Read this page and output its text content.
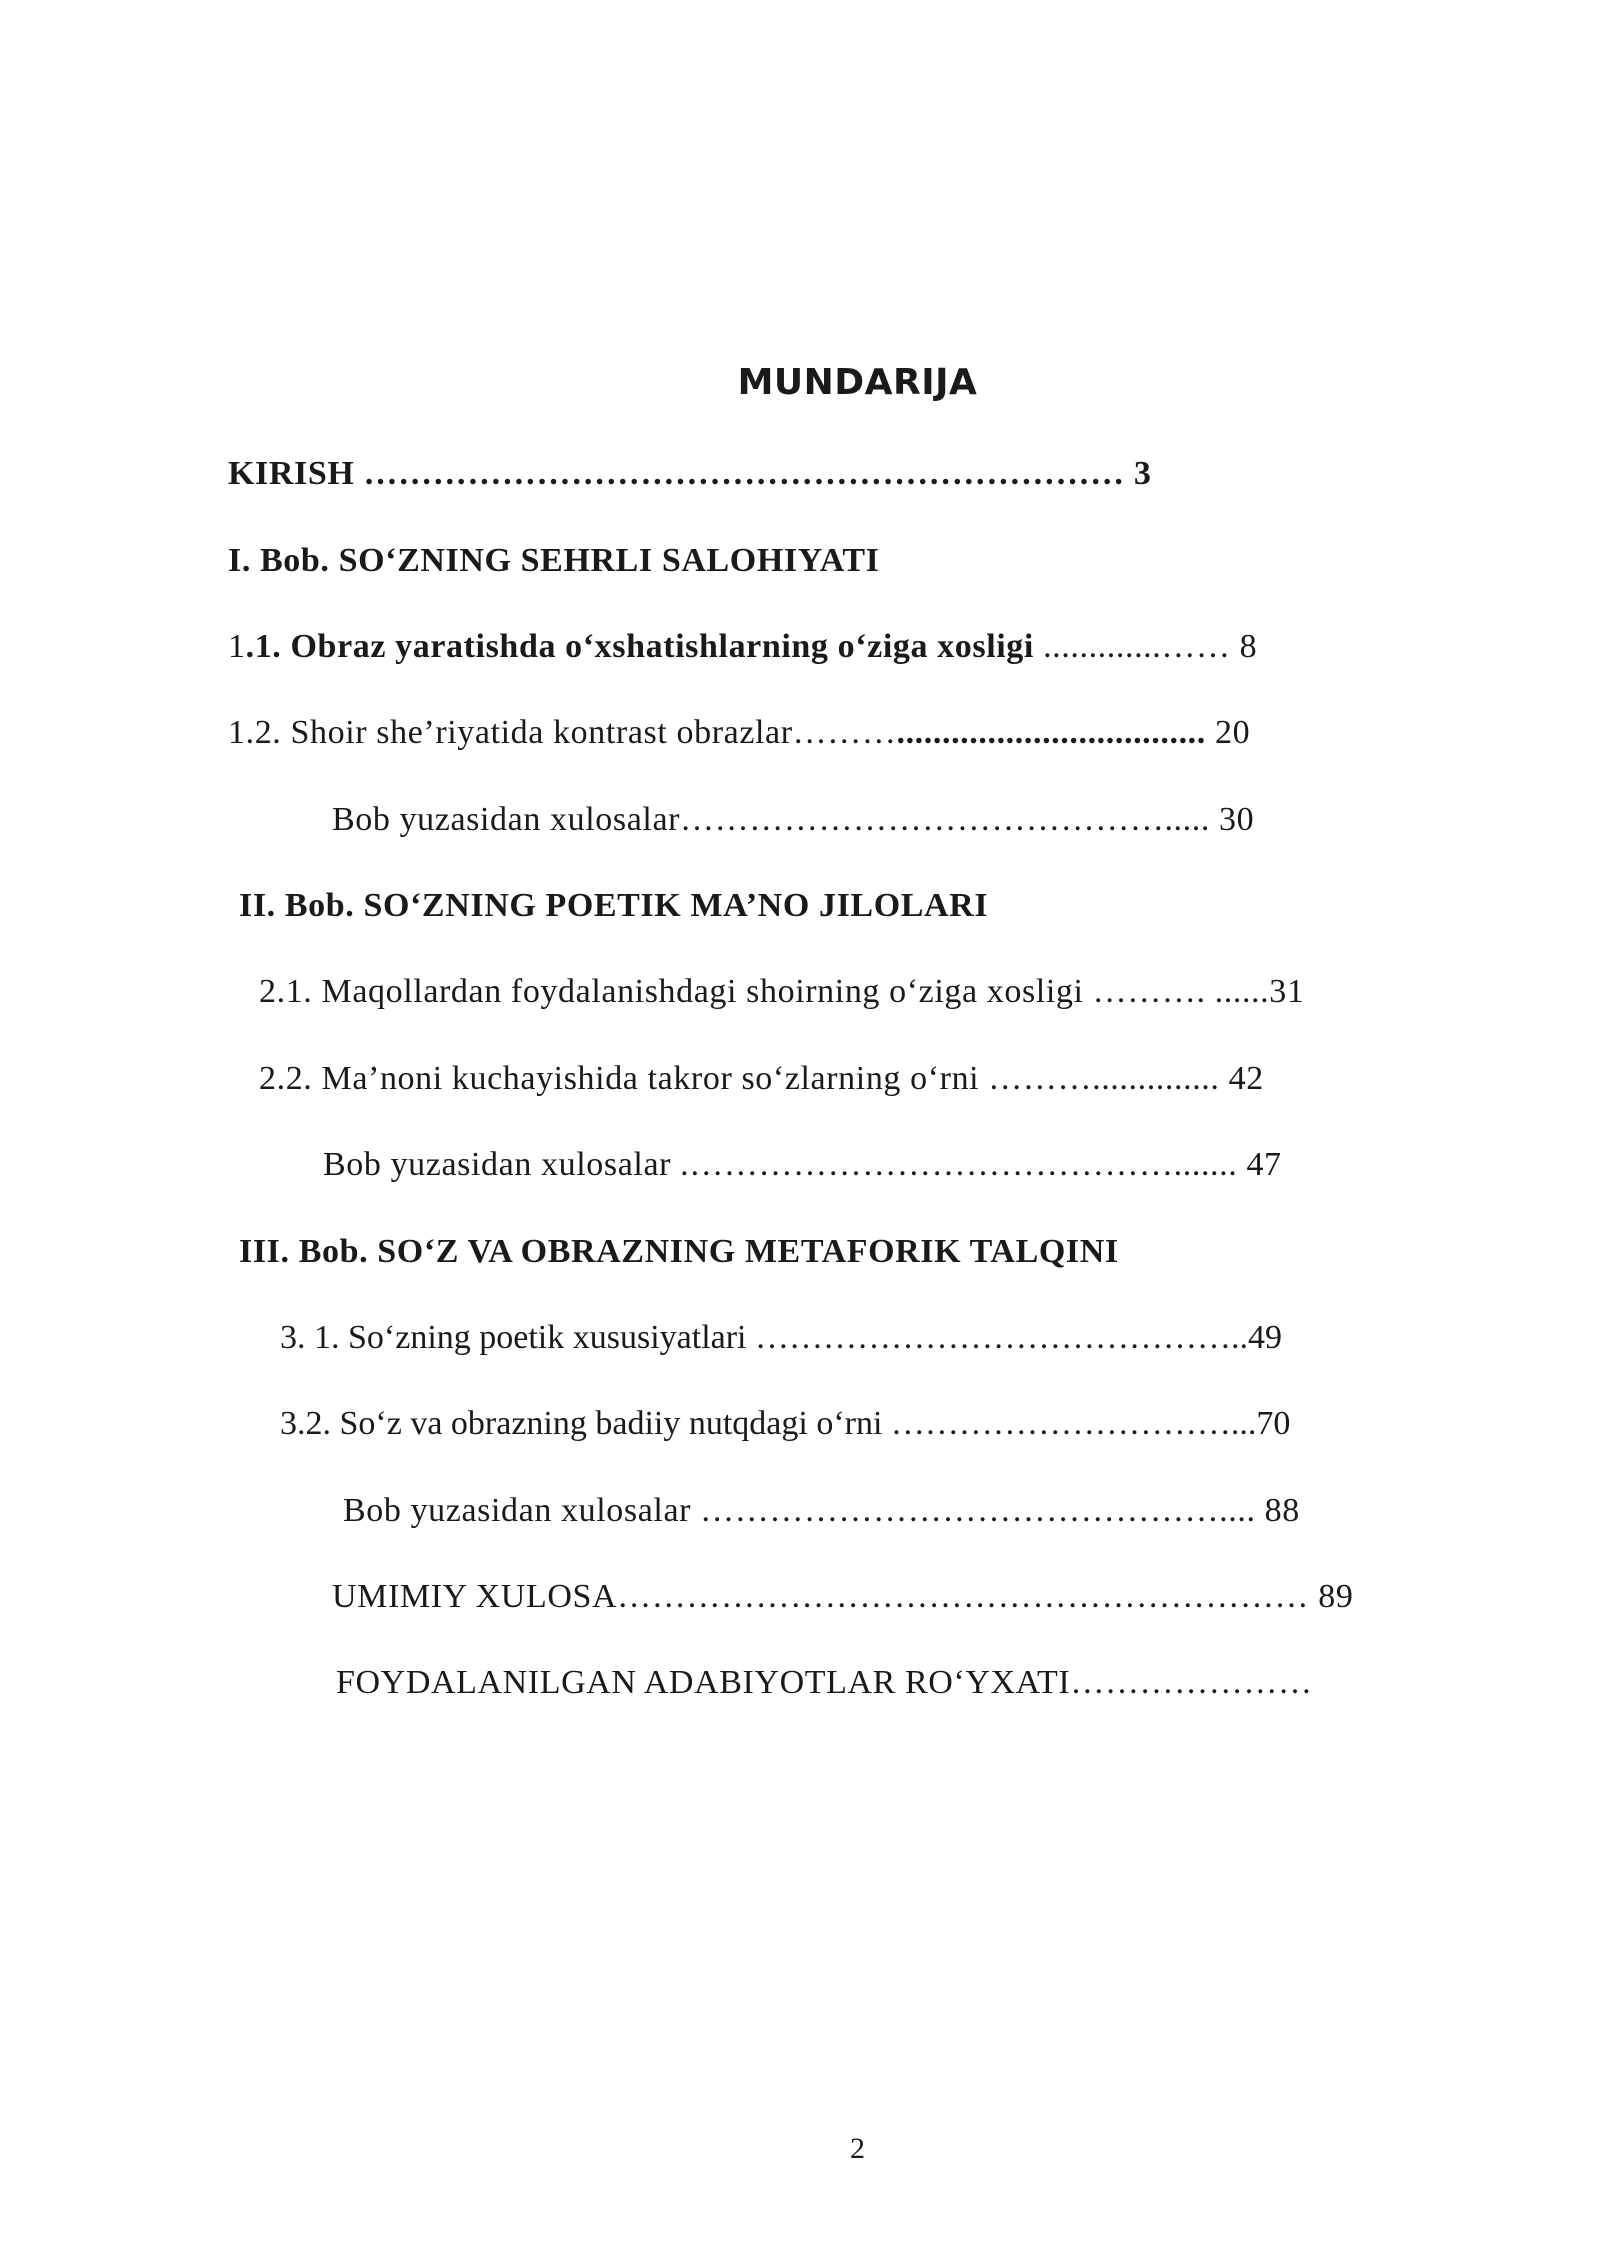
MUNDARIJA
KIRISH ………………………………………………………… 3
I. Bob. SO‘ZNING SEHRLI SALOHIYATI
1.1. Obraz yaratishda o‘xshatishlarning o‘ziga xosligi .............…… 8
1.2. Shoir she’riyatida kontrast obrazlar……….................................. 20
Bob yuzasidan xulosalar……………………………………..... 30
II. Bob. SO‘ZNING POETIK MA’NO JILOLARI
2.1. Maqollardan foydalanishdagi shoirning o‘ziga xosligi ………. ......31
2.2. Ma’noni kuchayishida takror so‘zlarning o‘rni ……….............. 42
Bob yuzasidan xulosalar .……………………………………....... 47
III. Bob. SO‘Z VA OBRAZNING METAFORIK TALQINI
3. 1. So‘zning poetik xususiyatlari ……………………………………..49
3.2. So‘z va obrazning badiiy nutqdagi o‘rni …………………………...70
Bob yuzasidan xulosalar ……………………………………….... 88
UMIMIY XULOSA…………………………………………………… 89
FOYDALANILGAN ADABIYOTLAR RO‘YXATI…………………
2
